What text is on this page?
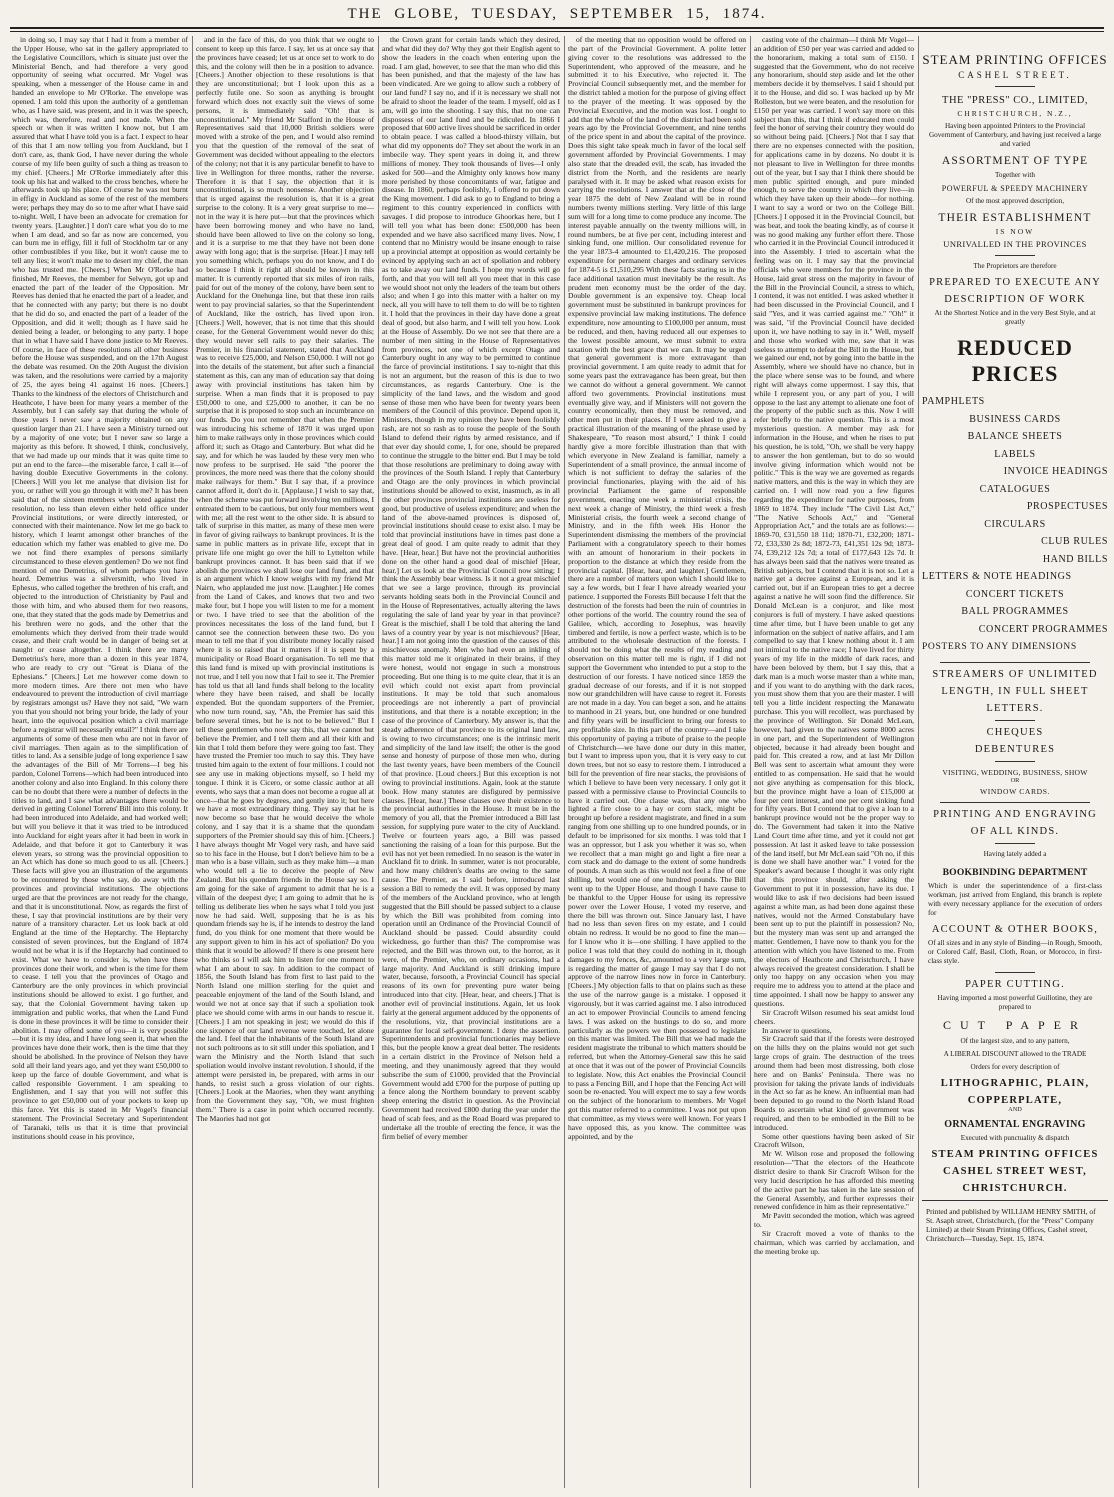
THE GLOBE, TUESDAY, SEPTEMBER 15, 1874.

in doing so, I may say that I had it from a member of the Upper House, who sat in the gallery appropriated to the Legislative Councillors, which is situate just over the Ministerial Bench, and had therefore a very good opportunity of seeing what occurred. Mr Vogel was speaking, when a messenger of the House came in and handed an envelope to Mr O'Rorke. The envelope was opened. I am told this upon the authority of a gentleman who, as I have said, was present, and in it was the speech, which was, therefore, read and not made. When the speech or when it was written I know not, but I am assured that what I have told you is a fact. I expect to hear of this that I am now telling you from Auckland, but I don't care, as, thank God, I have never during the whole course of my life been guilty of such a thing as treason to my chief. [Cheers.] Mr O'Rorke immediately after this took up his hat and walked to the cross benches, where he afterwards took up his place. Of course he was not burnt in effigy in Auckland as some of the rest of the members were; perhaps they may do so to me after what I have said to-night. Well, I have been an advocate for cremation for twenty years. [Laughter.] I don't care what you do to me when I am dead, and so far as now are concerned, you can burn me in effigy, fill it full of Stockholm tar or any other combustibles if you like, but it won't cause me to tell any lies; it won't make me to desert my chief, the man who has trusted me. [Cheers.] When Mr O'Rorke had finished, Mr Reeves, the member for Selwyn, got up and enacted the part of the leader of the Opposition. Mr Reeves has denied that he enacted the part of a leader, and that he connected with any party; but there is no doubt that he did do so, and enacted the part of a leader of the Opposition, and did it well; though as I have said he denied being a leader, or belonging to any party. I hope that in what I have said I have done justice to Mr Reeves. Of course, in face of these resolutions all other business before the House was suspended, and on the 17th August the debate was resumed. On the 20th August the division was taken, and the resolutions were carried by a majority of 25, the ayes being 41 against 16 noes. [Cheers.] Thanks to the kindness of the electors of Christchurch and Heathcote, I have been for many years a member of the Assembly, but I can safely say that during the whole of those years I never saw a majority obtained on any question larger than 21. I have seen a Ministry turned out by a majority of one vote; but I never saw so large a majority as this before. It showed, I think, conclusively, that we had made up our minds that it was quite time to put an end to the farce—the miserable farce, I call it—of having double Executive Governments in the colony. [Cheers.] Will you let me analyse that division list for you, or rather will you go through it with me? It has been said that of the sixteen members who voted against the resolution, no less than eleven either held office under Provincial institutions, or were directly interested, or connected with their maintenance. Now let me go back to history, which I learnt amongst other branches of the education which my father was enabled to give me. Do we not find there examples of persons similarly circumstanced to these eleven gentlemen? Do we not find mention of one Demetrius, of whom perhaps you have heard. Demetrius was a silversmith, who lived in Ephesus, who called together the brethren of his craft, and objected to the introduction of Christianity by Paul and those with him, and who abused them for two reasons, one, that they stated that the gods made by Demetrius and his brethren were no gods, and the other that the emoluments which they derived from their trade would cease, and their craft would be in danger of being set at naught or cease altogether. I think there are many Demetrius's here, more than a dozen in this year 1874, who are ready to cry out "Great is Diana of the Ephesians." [Cheers.] Let me however come down to more modern times. Are there not men who have endeavoured to prevent the introduction of civil marriage by registrars amongst us? Have they not said, "We warn you that you should not bring your bride, the lady of your heart, into the equivocal position which a civil marriage before a registrar will necessarily entail?" I think there are arguments of some of these men who are not in favor of civil marriages. Then again as to the simplification of titles to land. As a sensible judge of long experience I saw the advantages of the Bill of Mr Torrens—I beg his pardon, Colonel Torrens—which had been introduced into another colony and also into England. In this colony there can be no doubt that there were a number of defects in the titles to land, and I saw what advantages there would be derived in getting Colonel Torrens' Bill into this colony. It had been introduced into Adelaide, and had worked well; but will you believe it that it was tried to be introduced into Auckland for eight years after it had been in work in Adelaide, and that before it got to Canterbury it was eleven years, so strong was the provincial opposition to an Act which has done so much good to us all. [Cheers.] These facts will give you an illustration of the arguments to be encountered by those who say, do away with the provinces and provincial institutions. The objections urged are that the provinces are not ready for the change, and that it is unconstitutional. Now, as regards the first of these, I say that provincial institutions are by their very nature of a transitory character. Let us look back at old England at the time of the Heptarchy. The Heptarchy consisted of seven provinces, but the England of 1874 would not be what it is if the Heptarchy had continued to exist. What we have to consider is, when have these provinces done their work, and when is the time for them to cease. I tell you that the provinces of Otago and Canterbury are the only provinces in which provincial institutions should be allowed to exist. I go further, and say, that the Colonial Government having taken up immigration and public works, that when the Land Fund is done in these provinces it will be time to consider their abolition. I may offend some of you—it is very possible—but it is my idea, and I have long seen it, that when the provinces have done their work, then is the time that they should be abolished. In the province of Nelson they have sold all their land years ago, and yet they want £50,000 to keep up the farce of double Government, and what is called responsible Government. I am speaking to Englishmen, and I say that you will not suffer this province to get £50,000 out of your pockets to keep up this farce. Yet this is stated in Mr Vogel's financial statement. The Provincial Secretary and Superintendent of Taranaki, tells us that it is time that provincial institutions should cease in his province,

and in the face of this, do you think that we ought to consent to keep up this farce. I say, let us at once say that the provinces have ceased; let us at once set to work to do this, and the colony will then be in a position to advance. [Cheers.] Another objection to these resolutions is that they are unconstitutional; but I look upon this as a perfectly futile one. So soon as anything is brought forward which does not exactly suit the views of some persons, it is immediately said "Oh! that is unconstitutional." My friend Mr Stafford in the House of Representatives said that 10,000 British soldiers were moved with a stroke of the pen, and I would also remind you that the question of the removal of the seat of Government was decided without appealing to the electors of the colony; not that it is any particular benefit to have to live in Wellington for three months, rather the reverse. Therefore it is that I say, the objection that it is unconstitutional, is so much nonsense. Another objection that is urged against the resolution is, that it is a great surprise to the colony. It is a very great surprise to me—not in the way it is here put—but that the provinces which have been borrowing money and who have no land, should have been allowed to live on the colony so long, and it is a surprise to me that they have not been done away with long ago; that is the surprise. [Hear.] I may tell you something which, perhaps you do not know, and I do so because I think it right all should be known in this matter. It is currently reported that six miles of iron rails, paid for out of the money of the colony, have been sent to Auckland for the Onehunga line, but that these iron rails went to pay provincial salaries, so that the Superintendent of Auckland, like the ostrich, has lived upon iron. [Cheers.] Well, however, that is not time that this should cease, for the General Government would never do this; they would never sell rails to pay their salaries. The Premier, in his financial statement, stated that Auckland was to receive £25,000, and Nelson £50,000. I will not go into the details of the statement, but after such a financial statement as this, can any man of education say that doing away with provincial institutions has taken him by surprise. When a man finds that it is proposed to pay £50,000 to one, and £25,000 to another, it can be no surprise that it is proposed to stop such an incumbrance on our funds. Do you not remember that when the Premier was introducing his scheme of 1870 it was urged upon him to make railways only in those provinces which could afford it; such as Otago and Canterbury. But what did he say, and for which he was lauded by these very men who now profess to be surprised. He said "the poorer the provinces, the more need was there that the colony should make railways for them." But I say that, if a province cannot afford it, don't do it. [Applause.] I wish to say that, when the scheme was put forward involving ten millions, I entreated them to be cautious, but only four members went with me; all the rest went to the other side. It is absurd to talk of surprise in this matter, as many of these men were in favor of giving railways to bankrupt provinces. It is the same in public matters as in private life, except that in private life one might go over the hill to Lyttelton while bankrupt provinces cannot. It has been said that if we abolish the provinces we shall lose our land fund, and that is an argument which I know weighs with my friend Mr Nairn, who applauded me just now. [Laughter.] He comes from the Land of Cakes, and knows that two and two make four, but I hope you will listen to me for a moment or two. I have tried to see that the abolition of the provinces necessitates the loss of the land fund, but I cannot see the connection between these two. Do you mean to tell me that if you distribute money locally raised where it is so raised that it matters if it is spent by a municipality or Road Board organisation. To tell me that this land fund is mixed up with provincial institutions is not true, and I tell you now that I fail to see it. The Premier has told us that all land funds shall belong to the locality where they have been raised, and shall be locally expended. But the quondam supporters of the Premier, who now turn round, say, "Ah, the Premier has said this before several times, but he is not to be believed." But I tell these gentlemen who now say this, that we cannot but believe the Premier, and I tell them and all their kith and kin that I told them before they were going too fast. They have trusted the Premier too much to say this. They have trusted him again to the extent of four millions. I could not see any use in making objections myself, so I held my tongue. I think it is Cicero, or some classic author at all events, who says that a man does not become a rogue all at once—that he goes by degrees, and gently into it; but here we have a most extraordinary thing. They say that he is now become so base that he would deceive the whole colony, and I say that it is a shame that the quondam supporters of the Premier should say this of him. [Cheers.] I have always thought Mr Vogel very rash, and have said so to his face in the House, but I don't believe him to be a man who is a base villain, such as they make him—a man who would tell a lie to deceive the people of New Zealand. But his quondam friends in the House say so. I am going for the sake of argument to admit that he is a villain of the deepest dye; I am going to admit that he is telling us deliberate lies when he says what I told you just now he had said. Well, supposing that he is as his quondam friends say he is, if he intends to destroy the land fund, do you think for one moment that there would be any support given to him in his act of spoliation? Do you think that it would be allowed? If there is one present here who thinks so I will ask him to listen for one moment to what I am about to say. In addition to the compact of 1856, the South Island has from first to last paid to the North Island one million sterling for the quiet and peaceable enjoyment of the land of the South Island, and would we not at once say that if such a spoliation took place we should come with arms in our hands to rescue it. [Cheers.] I am not speaking in jest; we would do this if one sixpence of our land revenue were touched, let alone the land. I feel that the inhabitants of the South Island are not such poltroons as to sit still under this spoliation, and I warn the Ministry and the North Island that such spoliation would involve instant revolution. I should, if the attempt were persisted in, be prepared, with arms in our hands, to resist such a gross violation of our rights. [Cheers.] Look at the Maories, when they want anything from the Government they say, "Oh, we must frighten them." There is a case in point which occurred recently. The Maories had not got

the Crown grant for certain lands which they desired, and what did they do? Why they got their English agent to show the leaders in the coach when entering upon the road. I am glad, however, to see that the man who did this has been punished, and that the majesty of the law has been vindicated. Are we going to allow such a robbery of our land fund? I say no, and if it is necessary we shall not be afraid to shoot the leader of the team. I myself, old as I am, will go into the shooting. I say this, that no one can dispossess of our land fund and be ridiculed. In 1866 I proposed that 600 active lives should be sacrificed in order to obtain peace. I was called a blood-thirsty villain, but what did my opponents do? They set about the work in an imbecile way. They spent years in doing it, and threw millions of money. They took thousands of lives—I only asked for 500—and the Almighty only knows how many more perished by those concomitants of war, fatigue and disease. In 1860, perhaps foolishly, I offered to put down the King movement. I did ask to go to England to bring a regiment to this country experienced in conflicts with savages. I did propose to introduce Ghoorkas here, but I will tell you what has been done: £500,000 has been expended and we have also sacrificed many lives. Now, I contend that no Ministry would be insane enough to raise up a provincial attempt at opposition as would certainly be evinced by applying such an act of spoliation and robbery as to take away our land funds. I hope my words will go forth, and that you will tell all you meet that in this case we would shoot not only the leaders of the team but others also; and when I go into this matter with a halter on my neck, all you will have to tell them to do will be to tighten it. I hold that the provinces in their day have done a great deal of good, but also harm, and I will tell you how. Look at the House of Assembly. Do we not see that there are a number of men sitting in the House of Representatives from provinces, not one of which except Otago and Canterbury ought in any way to be permitted to continue the farce of provincial institutions. I say to-night that this is not an argument, but the reason of this is due to two circumstances, as regards Canterbury. One is the simplicity of the land laws, and the wisdom and good sense of those men who have been for twenty years been members of the Council of this province. Depend upon it, Ministers, though in my opinion they have been foolishly rash, are not so rash as to rouse the people of the South Island to defend their rights by armed resistance, and if that ever day should come, I, for one, should be prepared to continue the struggle to the bitter end. But I may be told that those resolutions are preliminary to doing away with the provinces of the South Island. I reply that Canterbury and Otago are the only provinces in which provincial institutions should be allowed to exist, inasmuch, as in all the other provinces provincial institutions are useless for good, but productive of useless expenditure; and when the land of the above-named provinces is disposed of, provincial institutions should cease to exist also. I may be told that provincial institutions have in times past done a great deal of good. I am quite ready to admit that they have. [Hear, hear.] But have not the provincial authorities done on the other hand a good deal of mischief [Hear, hear.] Let us look at the Provincial Council now sitting; I think the Assembly bear witness. Is it not a great mischief that we see a large province, through its provincial servants holding seats both in the Provincial Council and in the House of Representatives, actually altering the laws regulating the sale of land year by year in that province? Great is the mischief, shall I be told that altering the land laws of a country year by year is not mischievous? [Hear, hear.] I am not going into the question of the causes of this mischievous anomaly. Men who had even an inkling of this matter told me it originated in their brains, if they were honest, would not engage in such a monstrous proceeding. But one thing is to me quite clear, that it is an evil which could not exist apart from provincial institutions. It may be told that such anomalous proceedings are not inherently a part of provincial institutions, and that there is a notable exception; in the case of the province of Canterbury. My answer is, that the steady adherence of that province to its original land law, is owing to two circumstances; one is the intrinsic merit and simplicity of the land law itself; the other is the good sense and honesty of purpose of those men who, during the last twenty years, have been members of the Council of that province. [Loud cheers.] But this exception is not owing to provincial institutions. Again, look at the statute book. How many statutes are disfigured by permissive clauses. [Hear, hear.] These clauses owe their existence to the provincial authorities in the House. It must be in the memory of you all, that the Premier introduced a Bill last session, for supplying pure water to the city of Auckland. Twelve or fourteen years ago, a Bill was passed sanctioning the raising of a loan for this purpose. But the evil has not yet been remedied. In no season is the water in Auckland fit to drink. In summer, water is not procurable, and how many children's deaths are owing to the same cause. The Premier, as I said before, introduced last session a Bill to remedy the evil. It was opposed by many of the members of the Auckland province, who at length suggested that the Bill should be passed subject to a clause by which the Bill was prohibited from coming into operation until an Ordinance of the Provincial Council of Auckland should be passed. Could absurdity could wickedness, go further than this? The compromise was rejected, and the Bill was thrown out, to the horror, as it were, of the Premier, who, on ordinary occasions, had a large majority. And Auckland is still drinking impure water, because, forsooth, a Provincial Council has special reasons of its own for preventing pure water being introduced into that city. [Hear, hear, and cheers.] That is another evil of provincial institutions. Again, let us look fairly at the general argument adduced by the opponents of the resolutions, viz, that provincial institutions are a guarantee for local self-government. I deny the assertion. Superintendents and provincial functionaries may believe this, but the people know a great deal better. The residents in a certain district in the Province of Nelson held a meeting, and they unanimously agreed that they would subscribe the sum of £1000, provided that the Provincial Government would add £700 for the purpose of putting up a fence along the Northern boundary to prevent scabby sheep entering the district in question. As the Provincial Government had received £800 during the year under the head of scab fees, and as the Road Board was prepared to undertake all the trouble of erecting the fence, it was the firm belief of every member

of the meeting that no opposition would be offered on the part of the Provincial Government. A polite letter giving cover to the resolutions was addressed to the Superintendent, who approved of the measure, and he submitted it to his Executive, who rejected it. The Provincial Council subsequently met, and the member for the district tabled a motion for the purpose of giving effect to the prayer of the meeting. It was opposed by the Provincial Executive, and the motion was lost. I ought to add that the whole of the land of the district had been sold years ago by the Provincial Government, and nine tenths of the price spent in and about the capital of the province. Does this sight take speak much in favor of the local self government afforded by Provincial Governments. I may also state that the dreaded evil, the scab, has invaded the district from the North, and the residents are nearly paralysed with it. It may be asked what reason exists for carrying the resolutions. I answer that at the close of the year 1875 the debt of New Zealand will be in round numbers twenty millions sterling. Very little of this large sum will for a long time to come produce any income. The interest payable annually on the twenty millions will, in round numbers, be at five per cent, including interest and sinking fund, one million. Our consolidated revenue for the year 1873-4 amounted to £1,420,216. The proposed expenditure for permanent charges and ordinary services for 1874-5 is £1,510,295 With these facts staring us in the face additional taxation must inevitably be the result. As prudent men economy must be the order of the day. Double government is an expensive toy. Cheap local government must be substituted in bankrupt provinces for expensive provincial law making institutions. The defence expenditure, now amounting to £100,000 per annum, must be reduced, and then, having reduced all our expenses to the lowest possible amount, we must submit to extra taxation with the best grace that we can. It may be urged that general government is more extravagant than provincial government. I am quite ready to admit that for some years past the extravagance has been great, but then we cannot do without a general government. We cannot afford two governments. Provincial institutions must eventually give way, and if Ministers will not govern the country economically, then they must be removed, and other men put in their places. If I were asked to give a practical illustration of the meaning of the phrase used by Shakespeare, "To reason most absurd," I think I could hardly give a more forcible illustration than that with which everyone in New Zealand is familiar, namely a Superintendent of a small province, the annual income of which is not sufficient to defray the salaries of the provincial functionaries, playing with the aid of his provincial Parliament the game of responsible government, enacting one week a ministerial crisis, the next week a change of Ministry, the third week a fresh Ministerial crisis, the fourth week a second change of Ministry, and in the fifth week His Honor the Superintendent dismissing the members of the provincial Parliament with a congratulatory speech to their homes with an amount of honorarium in their pockets in proportion to the distance at which they reside from the provincial capital. [Hear, hear, and laughter.] Gentlemen, there are a number of matters upon which I should like to say a few words, but I fear I have already wearied your patience. I supported the Forests Bill because I felt that the destruction of the forests had been the ruin of countries in other portions of the world. The country round the sea of Galilee, which, according to Josephus, was heavily timbered and fertile, is now a perfect waste, which is to be attributed to the wholesale destruction of the forests. I should not be doing what the results of my reading and observation on this matter tell me is right, if I did not support the Government who intended to put a stop to the destruction of our forests. I have noticed since 1859 the gradual decrease of our forests, and if it is not stopped now our grandchildren will have cause to regret it. Forests are not made in a day. You can beget a son, and he attains to manhood in 21 years, but, one hundred or one hundred and fifty years will be insufficient to bring our forests to any profitable size. In this part of the country—and I take this opportunity of paying a tribute of praise to the people of Christchurch—we have done our duty in this matter, but I want to impress upon you, that it is very easy to cut down trees, but not so easy to restore them. I introduced a bill for the prevention of fire near stacks, the provisions of which I believe to have been very necessary. I only got it passed with a permissive clause to Provincial Councils to have it carried out. One clause was, that any one who lighted a fire close to a hay or corn stack, might be brought up before a resident magistrate, and fined in a sum ranging from one shilling up to one hundred pounds, or in default to be imprisoned for six months. I was told that I was an oppressor, but I ask you whether it was so, when we recollect that a man might go and light a fire near a corn stack and do damage to the extent of some hundreds of pounds. A man such as this would not feel a fine of one shilling, but would one of one hundred pounds. The Bill went up to the Upper House, and though I have cause to be thankful to the Upper House for using its repressive power over the Lower House, I voted my reserve, and there the bill was thrown out. Since January last, I have had no less than seven fires on my estate, and I could obtain no redress. It would be no good to fine the man—for I know who it is—one shilling. I have applied to the police I was told that they could do nothing in it, though damages to my fences, &c, amounted to a very large sum, is regarding the matter of gauge I may say that I do not approve of the narrow lines now in force in Canterbury. [Cheers.] My objection falls to that on plains such as these the use of the narrow gauge is a mistake. I opposed it vigorously, but it was carried against me. I also introduced an act to empower Provincial Councils to amend fencing laws. I was asked on the hustings to do so, and more particularly as the powers we then possessed to legislate on this matter was limited. The Bill that we had made the resident magistrate the tribunal to which matters should be referred, but when the Attorney-General saw this he said at once that it was out of the power of Provincial Councils to legislate. Now, this Act enables the Provincial Council to pass a Fencing Bill, and I hope that the Fencing Act will soon be re-enacted. You will expect me to say a few words on the subject of the honorarium to members. Mr Vogel got this matter referred to a committee. I was not put upon that committee, as my views were well known. For years I have opposed this, as you know. The committee was appointed, and by the

casting vote of the chairman—I think Mr Vogel—an addition of £50 per year was carried and added to the honorarium, making a total sum of £150. I suggested that the Government, who do not receive any honorarium, should step aside and let the other members decide it by themselves. I said I should put it to the House, and did so. I was backed up by Mr Rolleston, but we were beaten, and the resolution for £150 per year was carried. I won't say more on this subject than this, that I think if educated men could feel the honor of serving their country they would do so without being paid. [Cheers.] Not that I say that there are no expenses connected with the position, for applications came in by dozens. No doubt it is not pleasant to live in Wellington for three months out of the year, but I say that I think there should be men public spirited enough, and pure minded enough, to serve the country in which they live—in which they have taken up their abode—for nothing. I want to say a word or two on the College Bill. [Cheers.] I opposed it in the Provincial Council, but was beat, and took the beating kindly, as of course it was no good making any further effort there. Those who carried it in the Provincial Council introduced it into the Assembly. I tried to ascertain what the feeling was on it. I may say that the provincial officials who were members for the province in the House, laid great stress on the majority in favour of the Bill in the Provincial Council, a stress to which, I contend, it was not entitled. I was asked whether it had been discussed in the Provincial Council, and I said "Yes, and it was carried against me." "Oh!" it was said, "if the Provincial Council have decided upon it, we have nothing to say in it." Well, myself and those who worked with me, saw that it was useless to attempt to defeat the Bill in the House, but we gained our end, not by going into the battle in the Assembly, where we should have no chance, but in the place where sense was to be found, and where right will always come uppermost. I say this, that while I represent you, or any part of you, I will oppose to the last any attempt to alienate one foot of the property of the public such as this. Now I will refer briefly to the native question. This is a most mysterious question. A member may ask for information in the House, and when he rises to put his question, he is told, "Oh, we shall be very happy to answer the hon gentleman, but to do so would involve giving information which would not be politic." This is the way we are governed as regards native matters, and this is the way in which they are carried on. I will now read you a few figures regarding the expenditure for native purposes, from 1869 to 1874. They include "The Civil List Act," "The Native Schools Act," and "General Appropriation Act," and the totals are as follows:—1869-70, £31,550 18 11d; 1870-71, £32,200; 1871-72, £33,330 2s 8d; 1872-73, £41,351 12s 9d; 1873-74, £39,212 12s 7d; a total of £177,643 12s 7d. It has always been said that the natives were treated as British subjects, but I contend that it is not so. Let a native get a decree against a European, and it is carried out, but if an European tries to get a decree against a native he will soon find the difference. Sir Donald McLean is a conjuror, and like most conjurors is full of mystery. I have asked questions time after time, but I have been unable to get any information on the subject of native affairs, and I am compelled to say that I knew nothing about it. I am not inimical to the native race; I have lived for thirty years of my life in the middle of dark races, and have been beloved by them, but I say this, that a dark man is a much worse master than a white man, and if you want to do anything with the dark races, you must show them that you are their master. I will tell you a little incident respecting the Manawatu purchase. This you will recollect, was purchased by the province of Wellington. Sir Donald McLean, however, had given to the natives some 8000 acres in one part, and the Superintendent of Wellington objected, because it had already been bought and paid for. This created a row, and at last Mr Dillon Bell was sent to ascertain what amount they were entitled to as compensation. He said that he would not give anything as compensation for this block, but the province might have a loan of £15,000 at four per cent interest, and one per cent sinking fund for fifty years. But I contend that to give a loan to a bankrupt province would not be the proper way to do. The Government had taken it into the Native Land Court time after time, and yet it could not get possession. At last it asked leave to take possession of the land itself, but Mr McLean said "Oh no, if this is done we shall have another war." I voted for the Speaker's award because I thought it was only right that this province should, after asking the Government to put it in possession, have its due. I would like to ask if two decisions had been issued against a white man, as had been done against these natives, would not the Armed Constabulary have been sent up to put the plaintiff in possession? No, but the mystery man was sent up and arranged the matter. Gentlemen, I have now to thank you for the attention with which you have listened to me. From the electors of Heathcote and Christchurch, I have always received the greatest consideration. I shall be only too happy on any occasion when you may require me to address you to attend at the place and time appointed. I shall now be happy to answer any questions.

Sir Cracroft Wilson resumed his seat amidst loud cheers.

In answer to questions,

Sir Cracroft said that if the forests were destroyed on the hills they on the plains would not get such large crops of grain. The destruction of the trees around them had been most distressing, both close here and on Banks' Peninsula. There was no provision for taking the private lands of individuals in the Act so far as he knew. An influential man had been deputed to go round to the North Island Road Boards to ascertain what kind of government was required, and then to be embodied in the Bill to be introduced.

Some other questions having been asked of Sir Cracroft Wilson,

Mr W. Wilson rose and proposed the following resolution—"That the electors of the Heathcote district desire to thank Sir Cracroft Wilson for the very lucid description he has afforded this meeting of the active part he has taken in the late session of the General Assembly, and further expresses their renewed confidence in him as their representative."

Mr Pavitt seconded the motion, which was agreed to.

Sir Cracroft moved a vote of thanks to the chairman, which was carried by acclamation, and the meeting broke up.

STEAM PRINTING OFFICES
CASHEL STREET.
THE "PRESS" CO., LIMITED,
CHRISTCHURCH, N.Z.,
Having been appointed Printers to the Provincial Government of Canterbury, and having just received a large and varied
ASSORTMENT OF TYPE
Together with
POWERFUL & SPEEDY MACHINERY
Of the most approved description,
THEIR ESTABLISHMENT
IS NOW
UNRIVALLED IN THE PROVINCES
The Proprietors are therefore
PREPARED TO EXECUTE ANY
DESCRIPTION OF WORK
At the Shortest Notice and in the very Best Style, and at greatly
REDUCED PRICES
PAMPHLETS
BUSINESS CARDS
BALANCE SHEETS
LABELS
INVOICE HEADINGS
CATALOGUES
PROSPECTUSES
CIRCULARS
CLUB RULES
HAND BILLS
LETTERS & NOTE HEADINGS
CONCERT TICKETS
BALL PROGRAMMES
CONCERT PROGRAMMES
POSTERS TO ANY DIMENSIONS
STREAMERS OF UNLIMITED
LENGTH, IN FULL SHEET
LETTERS.
CHEQUES
DEBENTURES
VISITING, WEDDING, BUSINESS, SHOW
OR
WINDOW CARDS.
PRINTING AND ENGRAVING
OF ALL KINDS.
Having lately added a
BOOKBINDING DEPARTMENT
Which is under the superintendence of a first-class workman, just arrived from England, this branch is replete with every necessary appliance for the execution of orders for
ACCOUNT & OTHER BOOKS,
Of all sizes and in any style of Binding—in Rough, Smooth, or Colored Calf, Basil, Cloth, Roan, or Morocco, in first-class style.
PAPER CUTTING.
Having imported a most powerful Guillotine, they are prepared to
CUT PAPER
Of the largest size, and to any pattern,
A LIBERAL DISCOUNT allowed to the TRADE
Orders for every description of
LITHOGRAPHIC, PLAIN,
COPPERPLATE,
AND
ORNAMENTAL ENGRAVING
Executed with punctuality & dispatch
STEAM PRINTING OFFICES
CASHEL STREET WEST,
CHRISTCHURCH.
Printed and published by WILLIAM HENRY SMITH, of St. Asaph street, Christchurch, (for the "Press" Company Limited) at their Steam Printing Offices, Cashel street, Christchurch—Tuesday, Sept. 15, 1874.
